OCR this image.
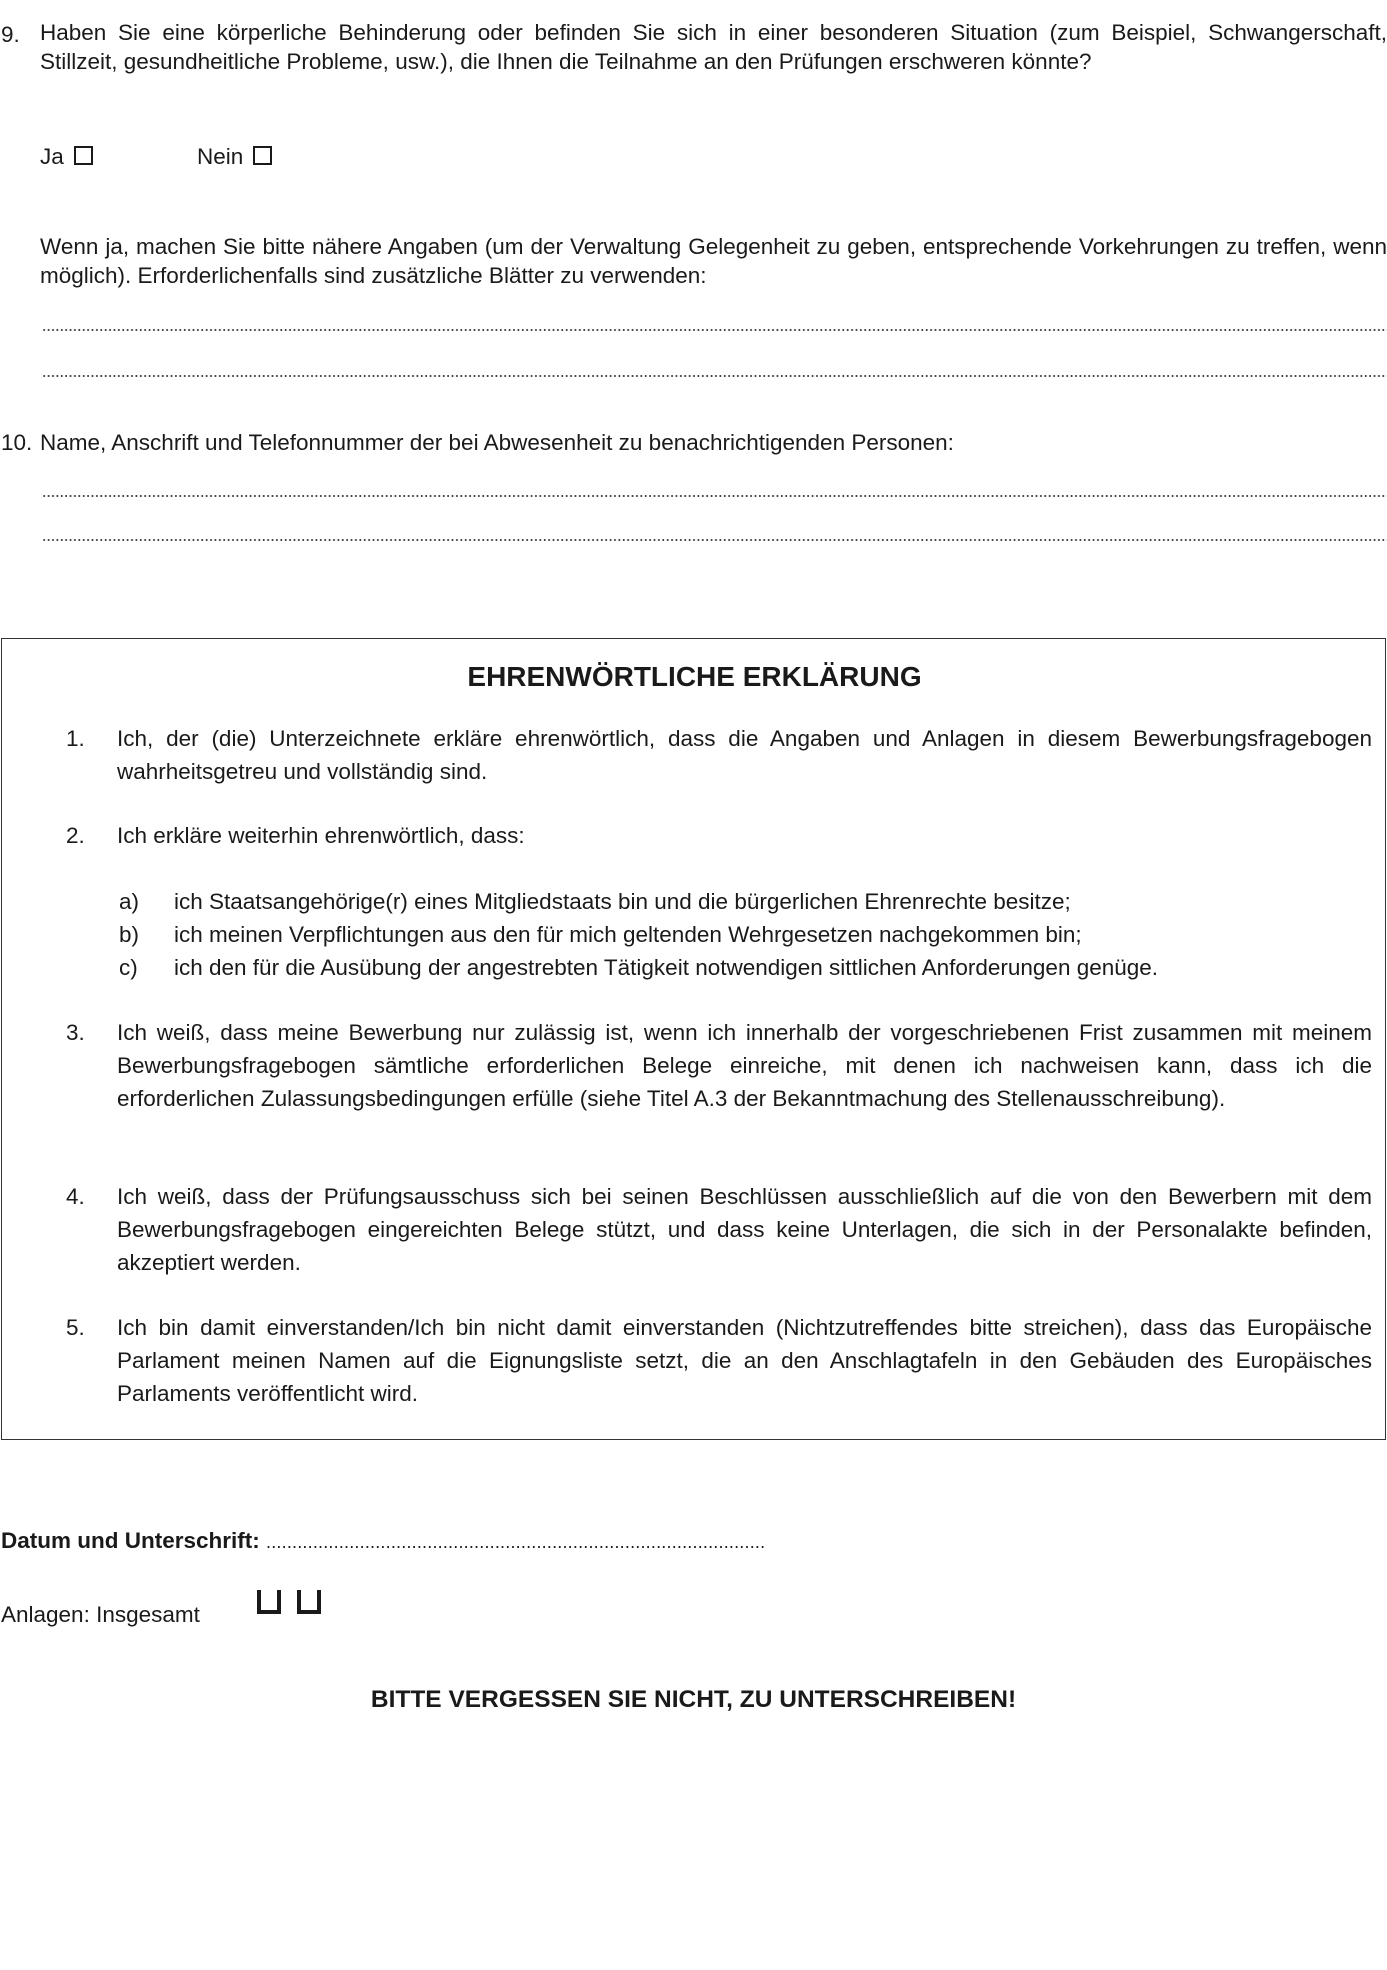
9. Haben Sie eine körperliche Behinderung oder befinden Sie sich in einer besonderen Situation (zum Beispiel, Schwangerschaft, Stillzeit, gesundheitliche Probleme, usw.), die Ihnen die Teilnahme an den Prüfungen erschweren könnte?
Ja	Nein
Wenn ja, machen Sie bitte nähere Angaben (um der Verwaltung Gelegenheit zu geben, entsprechende Vorkehrungen zu treffen, wenn möglich). Erforderlichenfalls sind zusätzliche Blätter zu verwenden:
10. Name, Anschrift und Telefonnummer der bei Abwesenheit zu benachrichtigenden Personen:
EHRENWÖRTLICHE ERKLÄRUNG
1. Ich, der (die) Unterzeichnete erkläre ehrenwörtlich, dass die Angaben und Anlagen in diesem Bewerbungsfragebogen wahrheitsgetreu und vollständig sind.
2. Ich erkläre weiterhin ehrenwörtlich, dass:
a) ich Staatsangehörige(r) eines Mitgliedstaats bin und die bürgerlichen Ehrenrechte besitze;
b) ich meinen Verpflichtungen aus den für mich geltenden Wehrgesetzen nachgekommen bin;
c) ich den für die Ausübung der angestrebten Tätigkeit notwendigen sittlichen Anforderungen genüge.
3. Ich weiß, dass meine Bewerbung nur zulässig ist, wenn ich innerhalb der vorgeschriebenen Frist zusammen mit meinem Bewerbungsfragebogen sämtliche erforderlichen Belege einreiche, mit denen ich nachweisen kann, dass ich die erforderlichen Zulassungsbedingungen erfülle (siehe Titel A.3 der Bekanntmachung des Stellenausschreibung).
4. Ich weiß, dass der Prüfungsausschuss sich bei seinen Beschlüssen ausschließlich auf die von den Bewerbern mit dem Bewerbungsfragebogen eingereichten Belege stützt, und dass keine Unterlagen, die sich in der Personalakte befinden, akzeptiert werden.
5. Ich bin damit einverstanden/Ich bin nicht damit einverstanden (Nichtzutreffendes bitte streichen), dass das Europäische Parlament meinen Namen auf die Eignungsliste setzt, die an den Anschlagtafeln in den Gebäuden des Europäisches Parlaments veröffentlicht wird.
Datum und Unterschrift: ................................................................................................
Anlagen: Insgesamt
BITTE VERGESSEN SIE NICHT, ZU UNTERSCHREIBEN!
